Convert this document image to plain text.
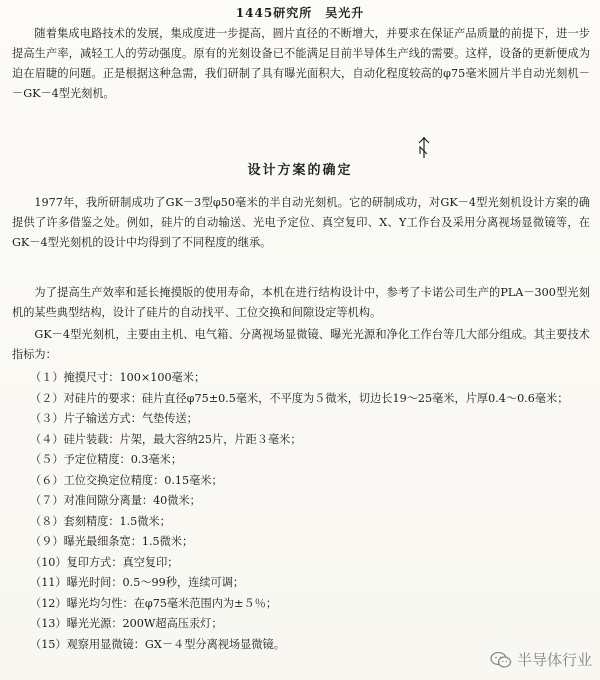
1445研究所　吴光升
随着集成电路技术的发展，集成度进一步提高，圆片直径的不断增大，并要求在保证产品质量的前提下，进一步提高生产率，减轻工人的劳动强度。原有的光刻设备已不能满足目前半导体生产线的需要。这样，设备的更新便成为迫在眉睫的问题。正是根据这种急需，我们研制了具有曝光面积大，自动化程度较高的φ75毫米圆片半自动光刻机－－GK－4型光刻机。
设计方案的确定
1977年，我所研制成功了GK－3型φ50毫米的半自动光刻机。它的研制成功，对GK－4型光刻机设计方案的确提供了许多借鉴之处。例如，硅片的自动输送、光电予定位、真空复印、X、Y工作台及采用分离视场显微镜等，在GK－4型光刻机的设计中均得到了不同程度的继承。
为了提高生产效率和延长掩摸版的使用寿命，本机在进行结构设计中，参考了卡诺公司生产的PLA－300型光刻机的某些典型结构，设计了硅片的自动找平、工位交换和间隙设定等机构。
GK－4型光刻机，主要由主机、电气箱、分离视场显微镜、曝光光源和净化工作台等几大部分组成。其主要技术指标为：
（１）掩摸尺寸：100×100毫米；
（２）对硅片的要求：硅片直径φ75±0.5毫米，不平度为５微米，切边长19～25毫米，片厚0.4～0.6毫米；
（３）片子输送方式：气垫传送；
（４）硅片装载：片架，最大容纳25片，片距３毫米；
（５）予定位精度：0.3毫米；
（６）工位交换定位精度：0.15毫米；
（７）对准间隙分离量：40微米；
（８）套刻精度：1.5微米；
（９）曝光最细条宽：1.5微米；
（10）复印方式：真空复印；
（11）曝光时间：0.5～99秒，连续可调；
（12）曝光均匀性：在φ75毫米范围内为±５％；
（13）曝光光源：200W超高压汞灯；
（15）观察用显微镜：GX－４型分离视场显微镜。
半导体行业
